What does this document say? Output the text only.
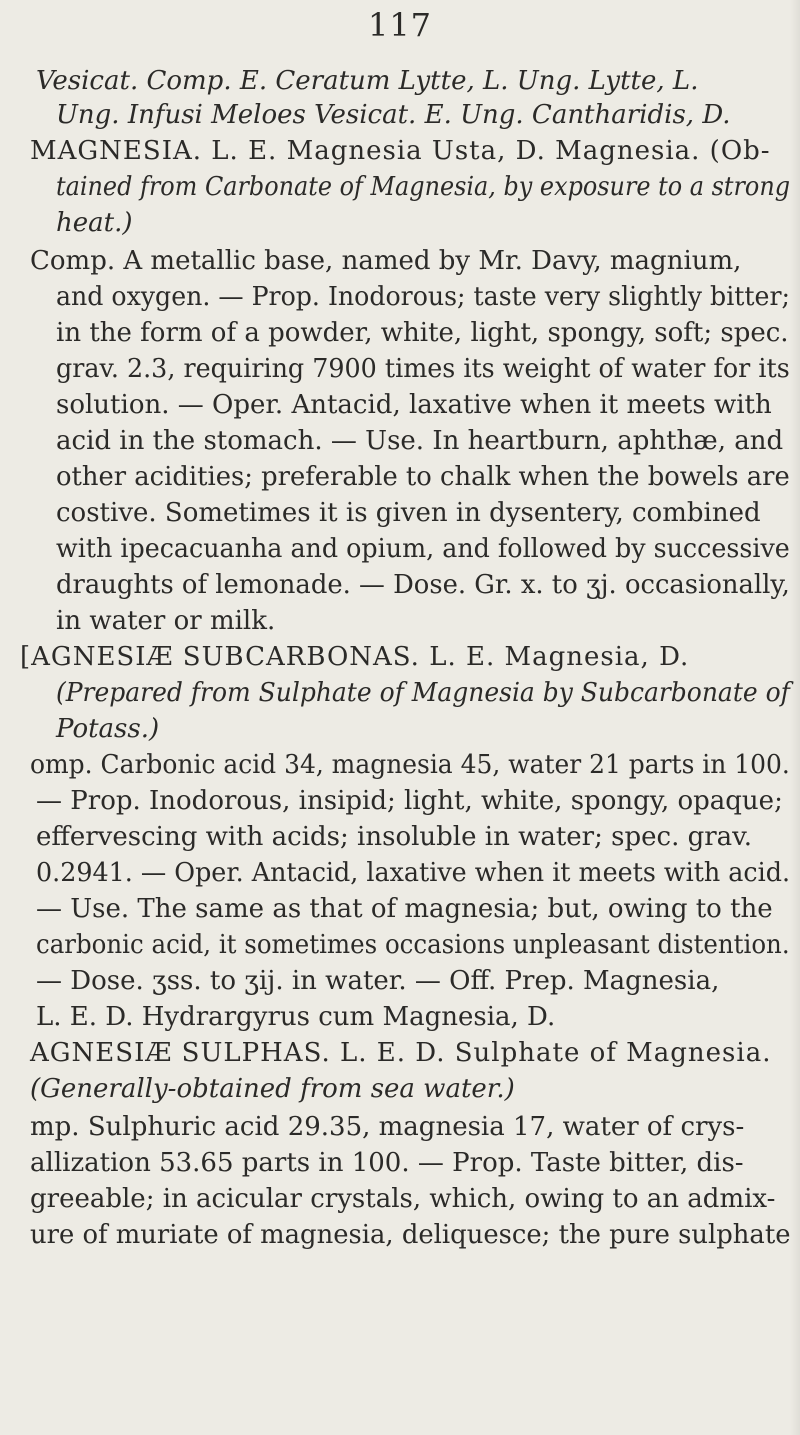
117
Vesicat. Comp. E. Ceratum Lytte, L. Ung. Lytte, L.
Ung. Infusi Meloes Vesicat. E. Ung. Cantharidis, D.
MAGNESIA. L. E. Magnesia Usta, D. Magnesia. (Ob-
tained from Carbonate of Magnesia, by exposure to a strong
heat.)
Comp. A metallic base, named by Mr. Davy, magnium,
and oxygen. — Prop. Inodorous; taste very slightly bitter;
in the form of a powder, white, light, spongy, soft; spec.
grav. 2.3, requiring 7900 times its weight of water for its
solution. — Oper. Antacid, laxative when it meets with
acid in the stomach. — Use. In heartburn, aphthæ, and
other acidities; preferable to chalk when the bowels are
costive. Sometimes it is given in dysentery, combined
with ipecacuanha and opium, and followed by successive
draughts of lemonade. — Dose. Gr. x. to ʒj. occasionally,
in water or milk.
[AGNESIÆ SUBCARBONAS. L. E. Magnesia, D.
(Prepared from Sulphate of Magnesia by Subcarbonate of
Potass.)
omp. Carbonic acid 34, magnesia 45, water 21 parts in 100.
— Prop. Inodorous, insipid; light, white, spongy, opaque;
effervescing with acids; insoluble in water; spec. grav.
0.2941. — Oper. Antacid, laxative when it meets with acid.
— Use. The same as that of magnesia; but, owing to the
carbonic acid, it sometimes occasions unpleasant distention.
— Dose. ʒss. to ʒij. in water. — Off. Prep. Magnesia,
L. E. D. Hydrargyrus cum Magnesia, D.
AGNESIÆ SULPHAS. L. E. D. Sulphate of Magnesia.
(Generally-obtained from sea water.)
mp. Sulphuric acid 29.35, magnesia 17, water of crys-
allization 53.65 parts in 100. — Prop. Taste bitter, dis-
greeable; in acicular crystals, which, owing to an admix-
ure of muriate of magnesia, deliquesce; the pure sulphate
